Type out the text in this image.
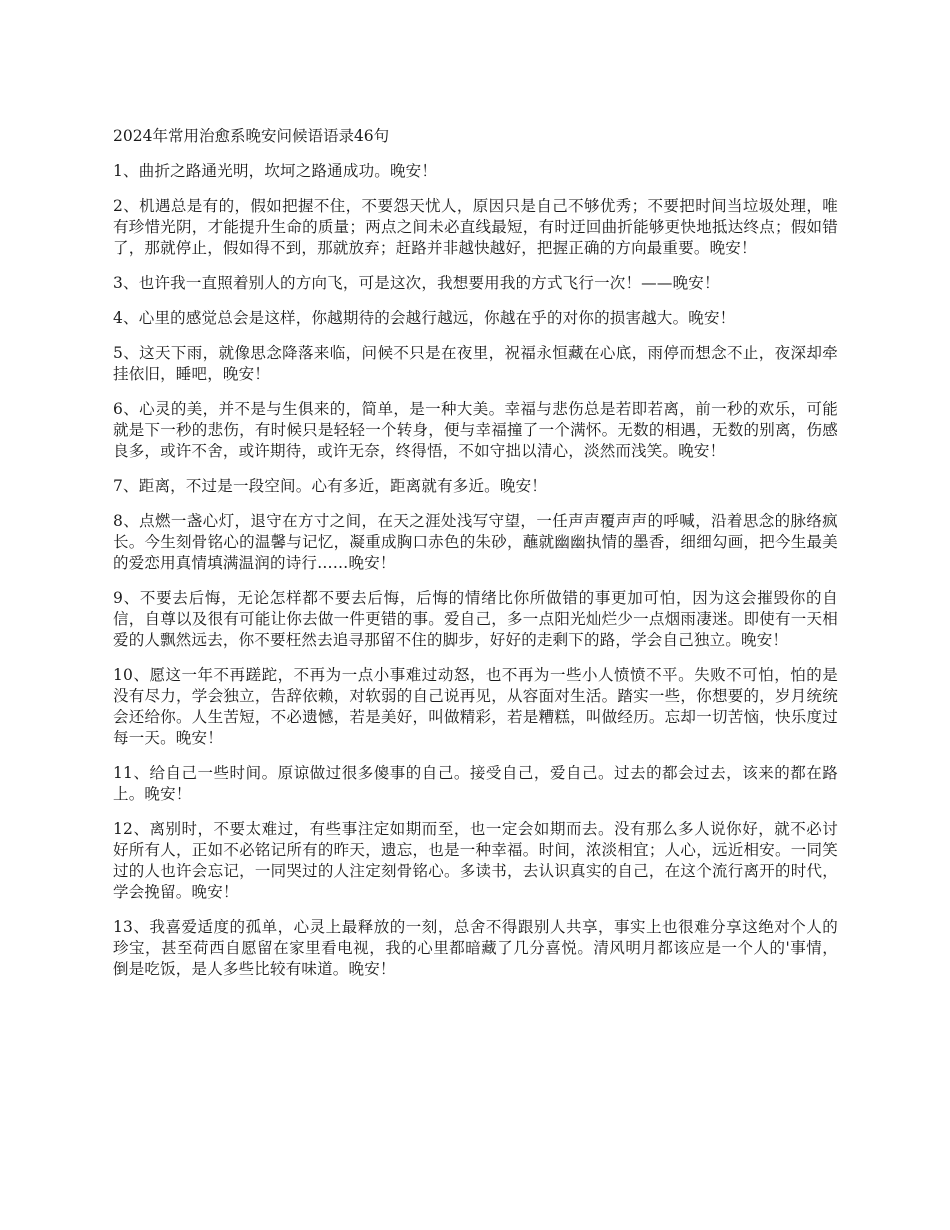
2024年常用治愈系晚安问候语语录46句

1、曲折之路通光明，坎坷之路通成功。晚安！

2、机遇总是有的，假如把握不住，不要怨天忧人，原因只是自己不够优秀；不要把时间当垃圾处理，唯有珍惜光阴，才能提升生命的质量；两点之间未必直线最短，有时迂回曲折能够更快地抵达终点；假如错了，那就停止，假如得不到，那就放弃；赶路并非越快越好，把握正确的方向最重要。晚安！

3、也许我一直照着别人的方向飞，可是这次，我想要用我的方式飞行一次！——晚安！

4、心里的感觉总会是这样，你越期待的会越行越远，你越在乎的对你的损害越大。晚安！

5、这天下雨，就像思念降落来临，问候不只是在夜里，祝福永恒藏在心底，雨停而想念不止，夜深却牵挂依旧，睡吧，晚安！

6、心灵的美，并不是与生俱来的，简单，是一种大美。幸福与悲伤总是若即若离，前一秒的欢乐，可能就是下一秒的悲伤，有时候只是轻轻一个转身，便与幸福撞了一个满怀。无数的相遇，无数的别离，伤感良多，或许不舍，或许期待，或许无奈，终得悟，不如守拙以清心，淡然而浅笑。晚安！

7、距离，不过是一段空间。心有多近，距离就有多近。晚安！

8、点燃一盏心灯，退守在方寸之间，在天之涯处浅写守望，一任声声覆声声的呼喊，沿着思念的脉络疯长。今生刻骨铭心的温馨与记忆，凝重成胸口赤色的朱砂，蘸就幽幽执情的墨香，细细勾画，把今生最美的爱恋用真情填满温润的诗行……晚安！

9、不要去后悔，无论怎样都不要去后悔，后悔的情绪比你所做错的事更加可怕，因为这会摧毁你的自信，自尊以及很有可能让你去做一件更错的事。爱自己，多一点阳光灿烂少一点烟雨凄迷。即使有一天相爱的人飘然远去，你不要枉然去追寻那留不住的脚步，好好的走剩下的路，学会自己独立。晚安！

10、愿这一年不再蹉跎，不再为一点小事难过动怒，也不再为一些小人愤愤不平。失败不可怕，怕的是没有尽力，学会独立，告辞依赖，对软弱的自己说再见，从容面对生活。踏实一些，你想要的，岁月统统会还给你。人生苦短，不必遗憾，若是美好，叫做精彩，若是糟糕，叫做经历。忘却一切苦恼，快乐度过每一天。晚安！

11、给自己一些时间。原谅做过很多傻事的自己。接受自己，爱自己。过去的都会过去，该来的都在路上。晚安！

12、离别时，不要太难过，有些事注定如期而至，也一定会如期而去。没有那么多人说你好，就不必讨好所有人，正如不必铭记所有的昨天，遗忘，也是一种幸福。时间，浓淡相宜；人心，远近相安。一同笑过的人也许会忘记，一同哭过的人注定刻骨铭心。多读书，去认识真实的自己，在这个流行离开的时代，学会挽留。晚安！

13、我喜爱适度的孤单，心灵上最释放的一刻，总舍不得跟别人共享，事实上也很难分享这绝对个人的珍宝，甚至荷西自愿留在家里看电视，我的心里都暗藏了几分喜悦。清风明月都该应是一个人的'事情，倒是吃饭，是人多些比较有味道。晚安！
